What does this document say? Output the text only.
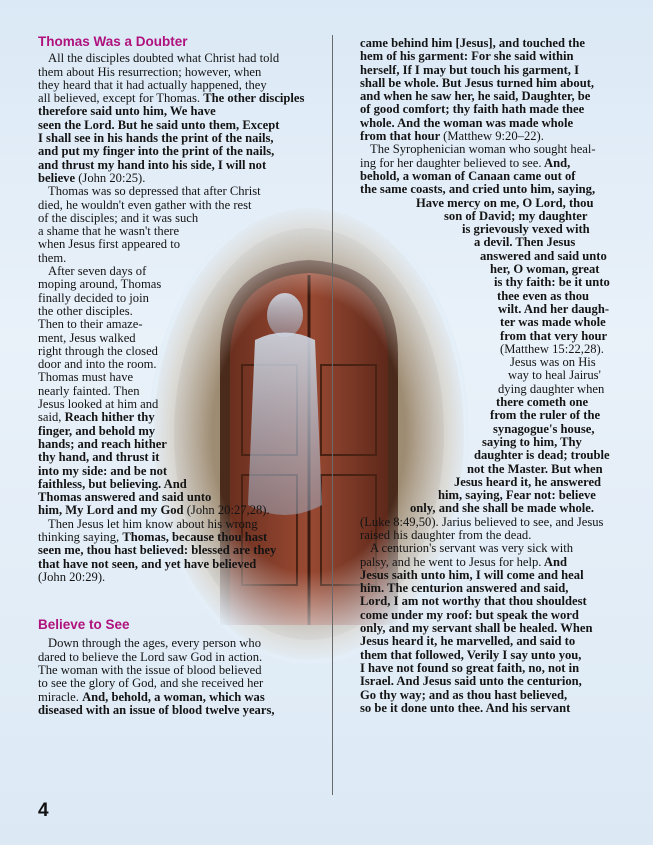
Thomas Was a Doubter

All the disciples doubted what Christ had told
them about His resurrection; however, when
they heard that it had actually happened, they
all believed, except for Thomas. The other disciples therefore said unto him, We have
seen the Lord. But he said unto them, Except
I shall see in his hands the print of the nails,
and put my finger into the print of the nails,
and thrust my hand into his side, I will not
believe (John 20:25).

Thomas was so depressed that after Christ
died, he wouldn't even gather with the rest
of the disciples; and it was such
a shame that he wasn't there
when Jesus first appeared to
them.

After seven days of
moping around, Thomas
finally decided to join
the other disciples.
Then to their amaze-
ment, Jesus walked
right through the closed
door and into the room.
Thomas must have
nearly fainted. Then
Jesus looked at him and
said, Reach hither thy
finger, and behold my
hands; and reach hither
thy hand, and thrust it
into my side: and be not
faithless, but believing. And
Thomas answered and said unto
him, My Lord and my God (John 20:27,28).

Then Jesus let him know about his wrong
thinking saying, Thomas, because thou hast
seen me, thou hast believed: blessed are they
that have not seen, and yet have believed
(John 20:29).

Believe to See

Down through the ages, every person who
dared to believe the Lord saw God in action.
The woman with the issue of blood believed
to see the glory of God, and she received her
miracle. And, behold, a woman, which was
diseased with an issue of blood twelve years,

came behind him [Jesus], and touched the
hem of his garment: For she said within
herself, If I may but touch his garment, I
shall be whole. But Jesus turned him about,
and when he saw her, he said, Daughter, be
of good comfort; thy faith hath made thee
whole. And the woman was made whole
from that hour (Matthew 9:20–22).
The Syrophenician woman who sought heal-
ing for her daughter believed to see. And,
behold, a woman of Canaan came out of
the same coasts, and cried unto him, saying,
Have mercy on me, O Lord, thou
son of David; my daughter
is grievously vexed with
a devil. Then Jesus
answered and said unto
her, O woman, great
is thy faith: be it unto
thee even as thou
wilt. And her daugh-
ter was made whole
from that very hour
(Matthew 15:22,28).
Jesus was on His
way to heal Jairus'
dying daughter when
there cometh one
from the ruler of the
synagogue's house,
saying to him, Thy
daughter is dead; trouble
not the Master. But when
Jesus heard it, he answered
him, saying, Fear not: believe
only, and she shall be made whole.
(Luke 8:49,50). Jarius believed to see, and Jesus
raised his daughter from the dead.
A centurion's servant was very sick with
palsy, and he went to Jesus for help. And
Jesus saith unto him, I will come and heal
him. The centurion answered and said,
Lord, I am not worthy that thou shouldest
come under my roof: but speak the word
only, and my servant shall be healed. When
Jesus heard it, he marvelled, and said to
them that followed, Verily I say unto you,
I have not found so great faith, no, not in
Israel. And Jesus said unto the centurion,
Go thy way; and as thou hast believed,
so be it done unto thee. And his servant
4
